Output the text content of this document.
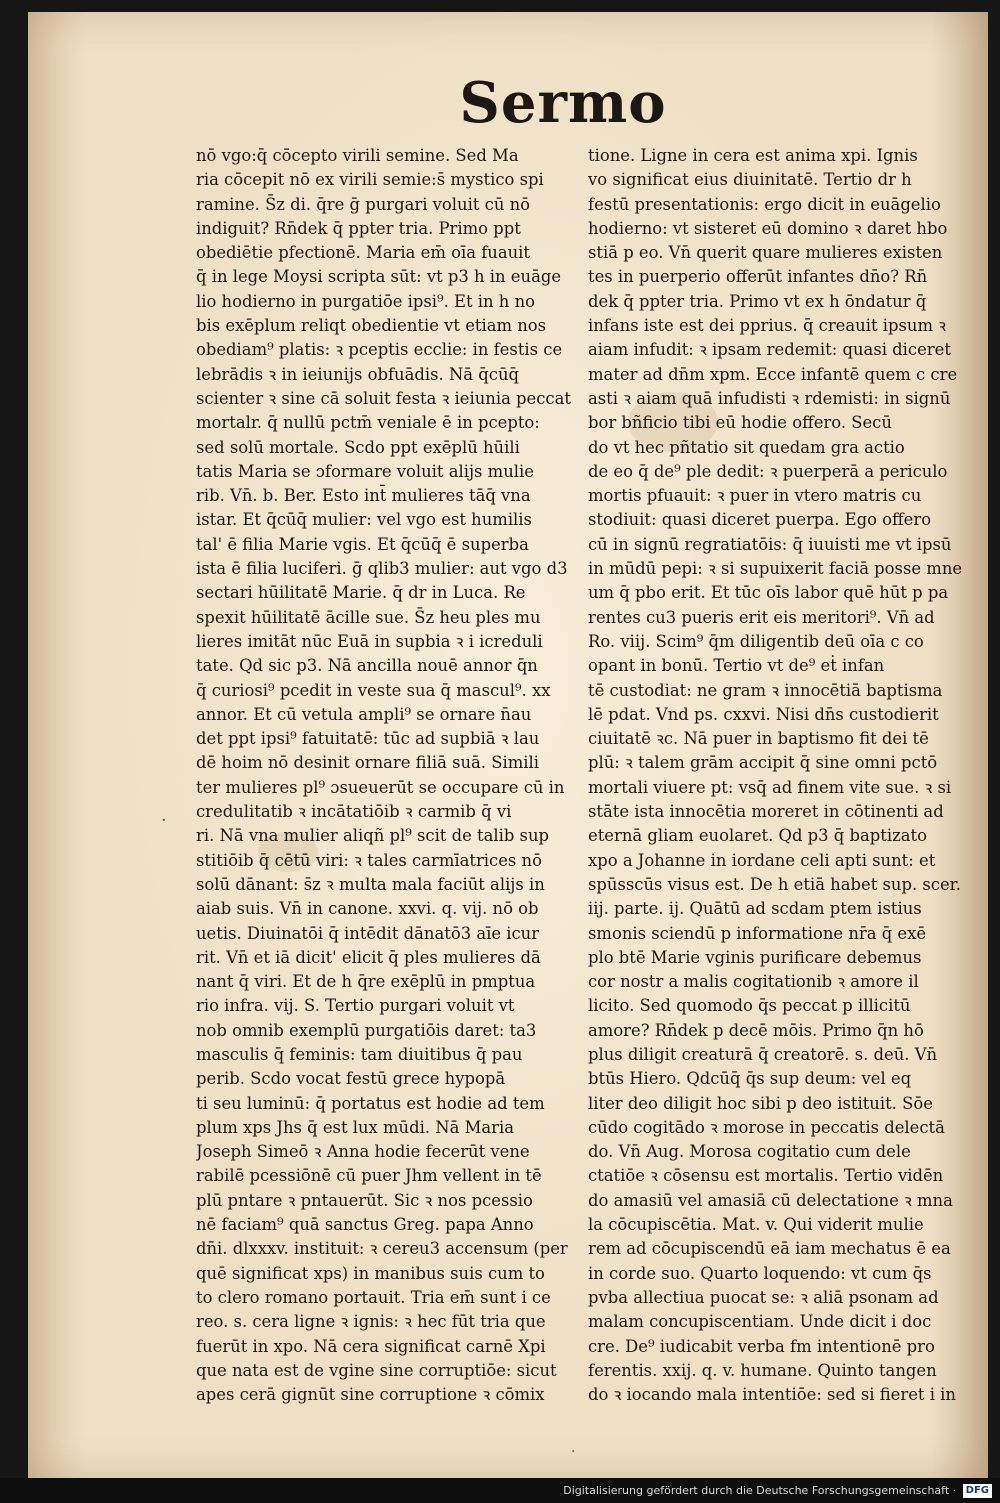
Sermo
nō vgo:q̄ cōcepto virili semine. Sed Ma
ria cōcepit nō ex virili semie:s̄ mystico spi
ramine. S̄z di. q̄re ḡ purgari voluit cū nō
indiguit? Rn̄dek q̄ ppter tria. Primo ppt
obediētie pfectionē. Maria em̄ oīa fuauit
q̄ in lege Moysi scripta sūt: vt p3 h in euāge
lio hodierno in purgatiōe ipsi⁹. Et in h no
bis exēplum reliqt obedientie vt etiam nos
obediam⁹ platis: ꝛ pceptis ecclie: in festis ce
lebrādis ꝛ in ieiunijs obfuādis. Nā q̄cūq̄
scienter ꝛ sine cā soluit festa ꝛ ieiunia peccat
mortalr. q̄ nullū pctm̄ veniale ē in pcepto:
sed solū mortale. Scdo ppt exēplū hūili
tatis Maria se ɔformare voluit alijs mulie
rib. Vn̄. b. Ber. Esto int̄ mulieres tāq̄ vna
istar. Et q̄cūq̄ mulier: vel vgo est humilis
tal' ē filia Marie vgis. Et q̄cūq̄ ē superba
ista ē filia luciferi. ḡ qlib3 mulier: aut vgo d3
sectari hūilitatē Marie. q̄ dr in Luca. Re
spexit hūilitatē ācille sue. S̄z heu ples mu
lieres imitāt nūc Euā in supbia ꝛ i icreduli
tate. Qd sic p3. Nā ancilla nouē annor q̄n
q̄ curiosi⁹ pcedit in veste sua q̄ mascul⁹. xx
annor. Et cū vetula ampli⁹ se ornare n̄au
det ppt ipsi⁹ fatuitatē: tūc ad supbiā ꝛ lau
dē hoim nō desinit ornare filiā suā. Simili
ter mulieres pl⁹ ɔsueuerūt se occupare cū in
credulitatib ꝛ incātatiōib ꝛ carmib q̄ vi
ri. Nā vna mulier aliqñ pl⁹ scit de talib sup
stitiōib q̄ cētū viri: ꝛ tales carmīatrices nō
solū dānant: s̄z ꝛ multa mala faciūt alijs in
aiab suis. Vn̄ in canone. xxvi. q. vij. nō ob
uetis. Diuinatōi q̄ intēdit dānatō3 aīe icur
rit. Vn̄ et iā dicit' elicit q̄ ples mulieres dā
nant q̄ viri. Et de h q̄re exēplū in pmptua
rio infra. vij. S. Tertio purgari voluit vt
nob omnib exemplū purgatiōis daret: ta3
masculis q̄ feminis: tam diuitibus q̄ pau
perib. Scdo vocat festū grece hypopā
ti seu luminū: q̄ portatus est hodie ad tem
plum xps Jhs q̄ est lux mūdi. Nā Maria
Joseph Simeō ꝛ Anna hodie fecerūt vene
rabilē pcessiōnē cū puer Jhm vellent in tē
plū pntare ꝛ pntauerūt. Sic ꝛ nos pcessio
nē faciam⁹ quā sanctus Greg. papa Anno
dn̄i. dlxxxv. instituit: ꝛ cereu3 accensum (per
quē significat xps) in manibus suis cum to
to clero romano portauit. Tria em̄ sunt i ce
reo. s. cera ligne ꝛ ignis: ꝛ hec fūt tria que
fuerūt in xpo. Nā cera significat carnē Xpi
que nata est de vgine sine corruptiōe: sicut
apes cerā gignūt sine corruptione ꝛ cōmix
tione. Ligne in cera est anima xpi. Ignis
vo significat eius diuinitatē. Tertio dr h
festū presentationis: ergo dicit in euāgelio
hodierno: vt sisteret eū domino ꝛ daret hbo
stiā p eo. Vn̄ querit quare mulieres existen
tes in puerperio offerūt infantes dn̄o? Rn̄
dek q̄ ppter tria. Primo vt ex h ōndatur q̄
infans iste est dei pprius. q̄ creauit ipsum ꝛ
aiam infudit: ꝛ ipsam redemit: quasi diceret
mater ad dn̄m xpm. Ecce infantē quem c cre
asti ꝛ aiam quā infudisti ꝛ rdemisti: in signū
bor bñficio tibi eū hodie offero. Secū
do vt hec pñtatio sit quedam gra actio
de eo q̄ de⁹ ple dedit: ꝛ puerperā a periculo
mortis pfuauit: ꝛ puer in vtero matris cu
stodiuit: quasi diceret puerpa. Ego offero
cū in signū regratiatōis: q̄ iuuisti me vt ipsū
in mūdū pepi: ꝛ si supuixerit faciā posse mne
um q̄ pbo erit. Et tūc oīs labor quē hūt p pa
rentes cu3 pueris erit eis meritori⁹. Vn̄ ad
Ro. viij. Scim⁹ q̄m diligentib deū oīa c co
opant in bonū. Tertio vt de⁹ eṫ infan
tē custodiat: ne gram ꝛ innocētiā baptisma
lē pdat. Vnd ps. cxxvi. Nisi dn̄s custodierit
ciuitatē ꝛc. Nā puer in baptismo fit dei tē
plū: ꝛ talem grām accipit q̄ sine omni pctō
mortali viuere pt: vsq̄ ad finem vite sue. ꝛ si
stāte ista innocētia moreret in cōtinenti ad
eternā gliam euolaret. Qd p3 q̄ baptizato
xpo a Johanne in iordane celi apti sunt: et
spūsscūs visus est. De h etiā habet sup. scer.
iij. parte. ij. Quātū ad scdam ptem istius
smonis sciendū p informatione nr̄a q̄ exē
plo btē Marie vginis purificare debemus
cor nostr a malis cogitationib ꝛ amore il
licito. Sed quomodo q̄s peccat p illicitū
amore? Rn̄dek p decē mōis. Primo q̄n hō
plus diligit creaturā q̄ creatorē. s. deū. Vn̄
btūs Hiero. Qdcūq̄ q̄s sup deum: vel eq
liter deo diligit hoc sibi p deo istituit. Sōe
cūdo cogitādo ꝛ morose in peccatis delectā
do. Vn̄ Aug. Morosa cogitatio cum dele
ctatiōe ꝛ cōsensu est mortalis. Tertio vidēn
do amasiū vel amasiā cū delectatione ꝛ mna
la cōcupiscētia. Mat. v. Qui viderit mulie
rem ad cōcupiscendū eā iam mechatus ē ea
in corde suo. Quarto loquendo: vt cum q̄s
pvba allectiua puocat se: ꝛ aliā psonam ad
malam concupiscentiam. Unde dicit i doc
cre. De⁹ iudicabit verba fm intentionē pro
ferentis. xxij. q. v. humane. Quinto tangen
do ꝛ iocando mala intentiōe: sed si fieret i in
·
·
Digitalisierung gefördert durch die Deutsche Forschungsgemeinschaft · DFG
